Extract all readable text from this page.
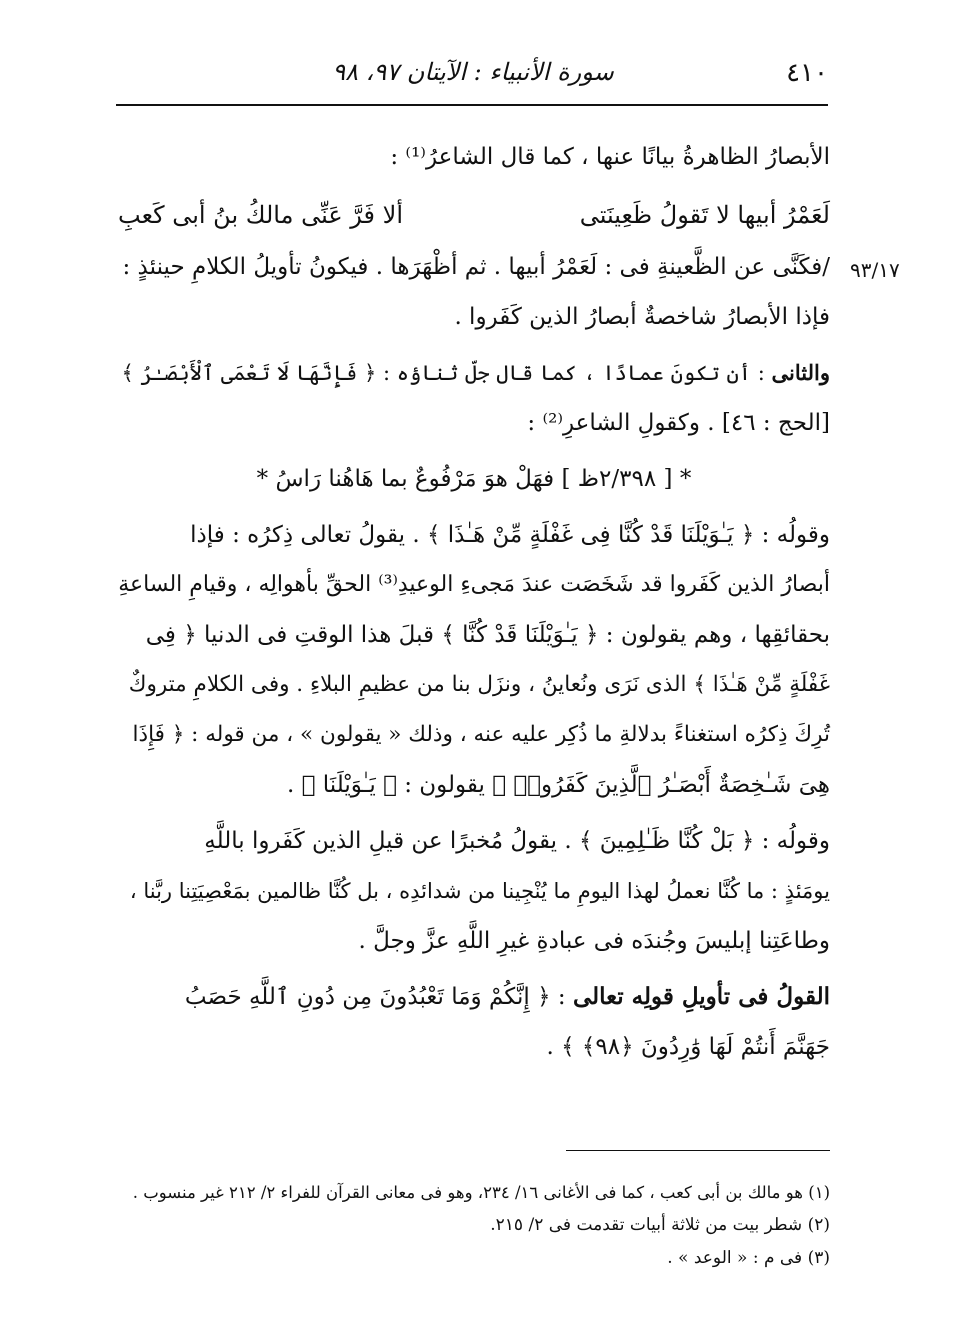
٤١٠
سورة الأنبياء : الآيتان ٩٧، ٩٨
٩٣/١٧
الأبصارُ الظاهرةُ بيانًا عنها ، كما قال الشاعرُ⁽¹⁾ :
لَعَمْرُ أبيها لا تَقولُ ظَعِينَتى
ألا فَرَّ عَنِّى مالكُ بنُ أبى كَعبِ
/فكَنَّى عن الظَّعينةِ فى : لَعَمْرُ أبيها . ثم أظْهَرَها . فيكونُ تأويلُ الكلامِ حينئذٍ :
فإذا الأبصارُ شاخصةٌ أبصارُ الذين كَفَروا .
والثانى : أن تكونَ عمادًا ، كما قال جلّ ثناؤه : ﴿ فَإِنَّهَا لَا تَعْمَى ٱلْأَبْصَـٰرُ ﴾
[الحج : ٤٦] . وكقولِ الشاعرِ⁽²⁾ :
* [ ٢/٣٩٨ظ ] فهَلْ هوَ مَرْفُوعٌ بما هَاهُنا رَاسُ *
وقولُه : ﴿ يَـٰوَيْلَنَا قَدْ كُنَّا فِى غَفْلَةٍ مِّنْ هَـٰذَا ﴾ . يقولُ تعالى ذِكرُه : فإذا
أبصارُ الذين كَفَروا قد شَخَصَت عندَ مَجىءِ الوعيدِ⁽³⁾ الحقِّ بأهوالِه ، وقيامِ الساعةِ
بحقائقِها ، وهم يقولون : ﴿ يَـٰوَيْلَنَا قَدْ كُنَّا ﴾ قبلَ هذا الوقتِ فى الدنيا ﴿ فِى
غَفْلَةٍ مِّنْ هَـٰذَا ﴾ الذى نَرَى ونُعاينُ ، ونزَل بنا من عظيمِ البلاءِ . وفى الكلامِ متروكٌ
تُرِكَ ذِكرُه استغناءً بدلالةِ ما ذُكِر عليه عنه ، وذلك « يقولون » ، من قوله : ﴿ فَإِذَا
هِىَ شَـٰخِصَةٌ أَبْصَـٰرُ ٱلَّذِينَ كَفَرُوا۟ ﴾ يقولون : ﴿ يَـٰوَيْلَنَا ﴾ .
وقولُه : ﴿ بَلْ كُنَّا ظَـٰلِمِينَ ﴾ . يقولُ مُخبرًا عن قيلِ الذين كَفَروا باللَّهِ
يومَئذٍ : ما كُنَّا نعملُ لهذا اليومِ ما يُنْجِينا من شدائدِه ، بل كُنَّا ظالمين بمَعْصِيَتِنا ربَّنا ،
وطاعَتِنا إبليسَ وجُندَه فى عبادةِ غيرِ اللَّهِ عزَّ وجلَّ .
القولُ فى تأويلِ قولِه تعالى : ﴿ إِنَّكُمْ وَمَا تَعْبُدُونَ مِن دُونِ ٱللَّهِ حَصَبُ
جَهَنَّمَ أَنتُمْ لَهَا وَٰرِدُونَ ﴿٩٨﴾ ﴾ .
(١) هو مالك بن أبى كعب ، كما فى الأغانى ١٦/ ٢٣٤، وهو فى معانى القرآن للفراء ٢/ ٢١٢ غير منسوب .
(٢) شطر بيت من ثلاثة أبيات تقدمت فى ٢/ ٢١٥.
(٣) فى م : « الوعد » .
